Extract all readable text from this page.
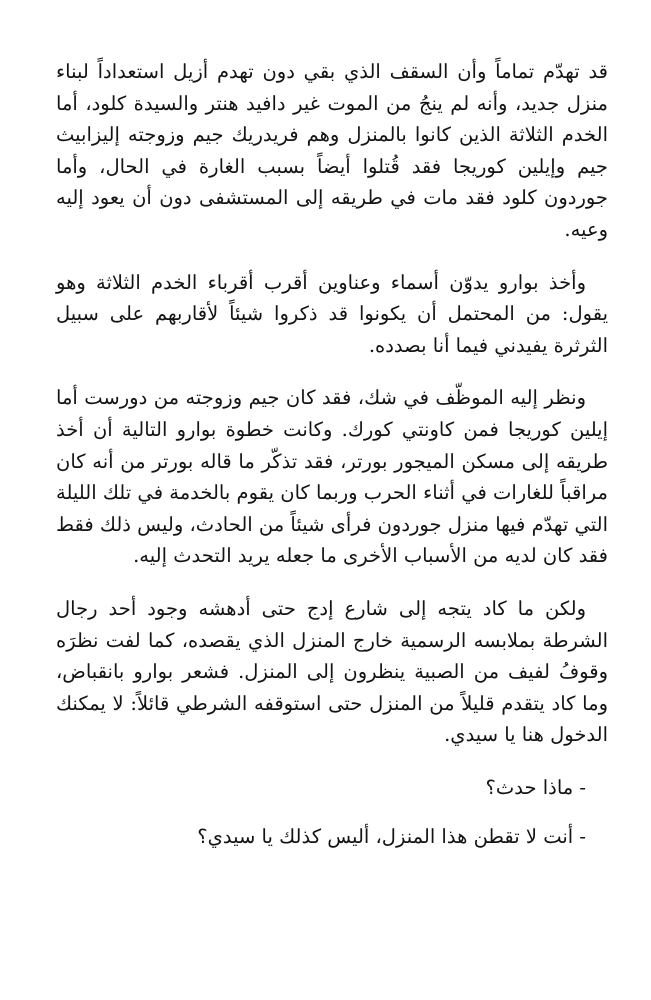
قد تهدّم تماماً وأن السقف الذي بقي دون تهدم أزيل استعداداً لبناء منزل جديد، وأنه لم ينجُ من الموت غير دافيد هنتر والسيدة كلود، أما الخدم الثلاثة الذين كانوا بالمنزل وهم فريدريك جيم وزوجته إليزابيث جيم وإيلين كوريجا فقد قُتلوا أيضاً بسبب الغارة في الحال، وأما جوردون كلود فقد مات في طريقه إلى المستشفى دون أن يعود إليه وعيه.

وأخذ بوارو يدوّن أسماء وعناوين أقرب أقرباء الخدم الثلاثة وهو يقول: من المحتمل أن يكونوا قد ذكروا شيئاً لأقاربهم على سبيل الثرثرة يفيدني فيما أنا بصدده.

ونظر إليه الموظّف في شك، فقد كان جيم وزوجته من دورست أما إيلين كوريجا فمن كاونتي كورك. وكانت خطوة بوارو التالية أن أخذ طريقه إلى مسكن الميجور بورتر، فقد تذكّر ما قاله بورتر من أنه كان مراقباً للغارات في أثناء الحرب وربما كان يقوم بالخدمة في تلك الليلة التي تهدّم فيها منزل جوردون فرأى شيئاً من الحادث، وليس ذلك فقط فقد كان لديه من الأسباب الأخرى ما جعله يريد التحدث إليه.

ولكن ما كاد يتجه إلى شارع إدج حتى أدهشه وجود أحد رجال الشرطة بملابسه الرسمية خارج المنزل الذي يقصده، كما لفت نظرَه وقوفُ لفيف من الصبية ينظرون إلى المنزل. فشعر بوارو بانقباض، وما كاد يتقدم قليلاً من المنزل حتى استوقفه الشرطي قائلاً: لا يمكنك الدخول هنا يا سيدي.

- ماذا حدث؟

- أنت لا تقطن هذا المنزل، أليس كذلك يا سيدي؟
